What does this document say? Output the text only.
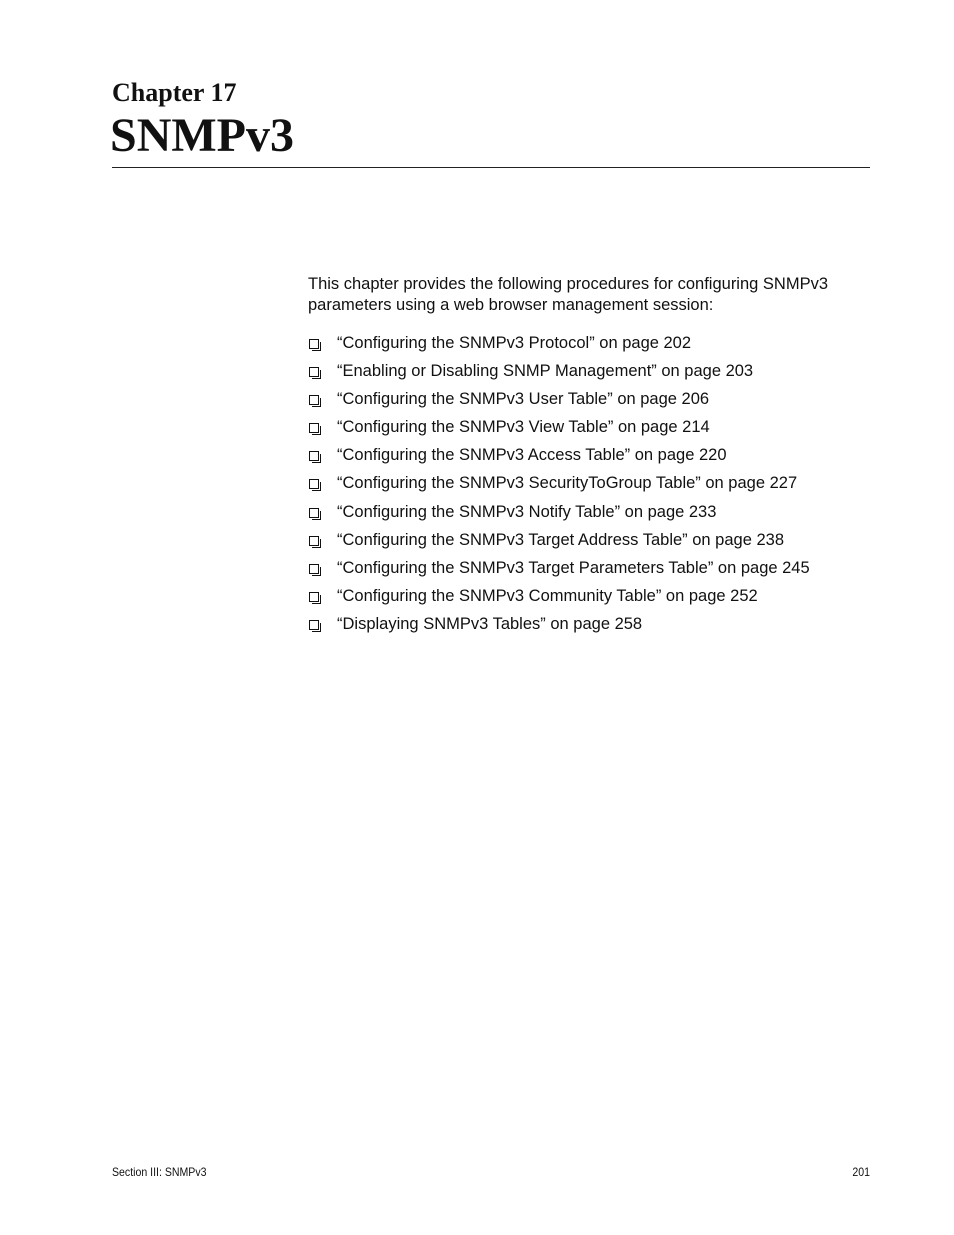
Chapter 17
SNMPv3

This chapter provides the following procedures for configuring SNMPv3 parameters using a web browser management session:

“Configuring the SNMPv3 Protocol” on page 202
“Enabling or Disabling SNMP Management” on page 203
“Configuring the SNMPv3 User Table” on page 206
“Configuring the SNMPv3 View Table” on page 214
“Configuring the SNMPv3 Access Table” on page 220
“Configuring the SNMPv3 SecurityToGroup Table” on page 227
“Configuring the SNMPv3 Notify Table” on page 233
“Configuring the SNMPv3 Target Address Table” on page 238
“Configuring the SNMPv3 Target Parameters Table” on page 245
“Configuring the SNMPv3 Community Table” on page 252
“Displaying SNMPv3 Tables” on page 258
Section III: SNMPv3	201
